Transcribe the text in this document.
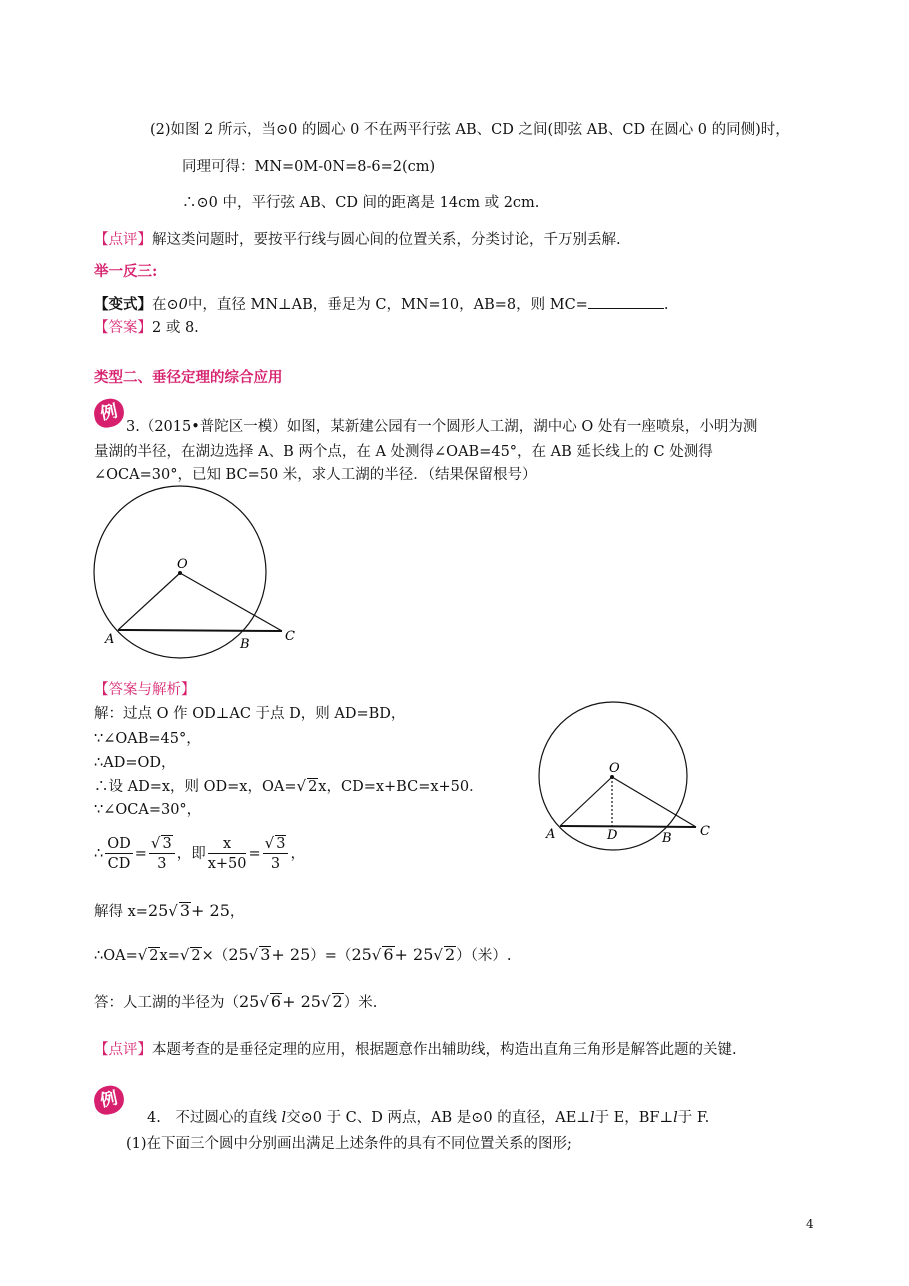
(2)如图 2 所示，当⊙0 的圆心 0 不在两平行弦 AB、CD 之间(即弦 AB、CD 在圆心 0 的同侧)时，
同理可得：MN=0M-0N=8-6=2(cm)
∴⊙0 中，平行弦 AB、CD 间的距离是 14cm 或 2cm.
【点评】解这类问题时，要按平行线与圆心间的位置关系，分类讨论，千万别丢解.
举一反三:
【变式】在⊙0中，直径 MN⊥AB，垂足为 C，MN=10，AB=8，则 MC=	.
【答案】2 或 8.
类型二、垂径定理的综合应用
例
3.（2015•普陀区一模）如图，某新建公园有一个圆形人工湖，湖中心 O 处有一座喷泉，小明为测
量湖的半径，在湖边选择 A、B 两个点，在 A 处测得∠OAB=45°，在 AB 延长线上的 C 处测得
∠OCA=30°，已知 BC=50 米，求人工湖的半径．（结果保留根号）
O
A	B
C
【答案与解析】
解：过点 O 作 OD⊥AC 于点 D，则 AD=BD，
∵∠OAB=45°，
∴AD=OD，
∴设 AD=x，则 OD=x，OA=√ 2x，CD=x+BC=x+50．
∵∠OCA=30°，
∴ $\frac{OD}{CD} = \frac{√ 3}{3}$ ，即 $\frac{x}{x+50} = \frac{√ 3}{3}$ ，
解得 x=25√ 3+ 25，
∴OA=√ 2x=√ 2×（25√ 3+ 25）=（25√ 6+ 25√ 2）（米）.
答：人工湖的半径为（25√ 6+ 25√ 2）米.
【点评】本题考查的是垂径定理的应用，根据题意作出辅助线，构造出直角三角形是解答此题的关键.
O
A	D	B C
例
4.　不过圆心的直线 l交⊙0 于 C、D 两点，AB 是⊙0 的直径，AE⊥l于 E，BF⊥l于 F.
(1)在下面三个圆中分别画出满足上述条件的具有不同位置关系的图形;
4
